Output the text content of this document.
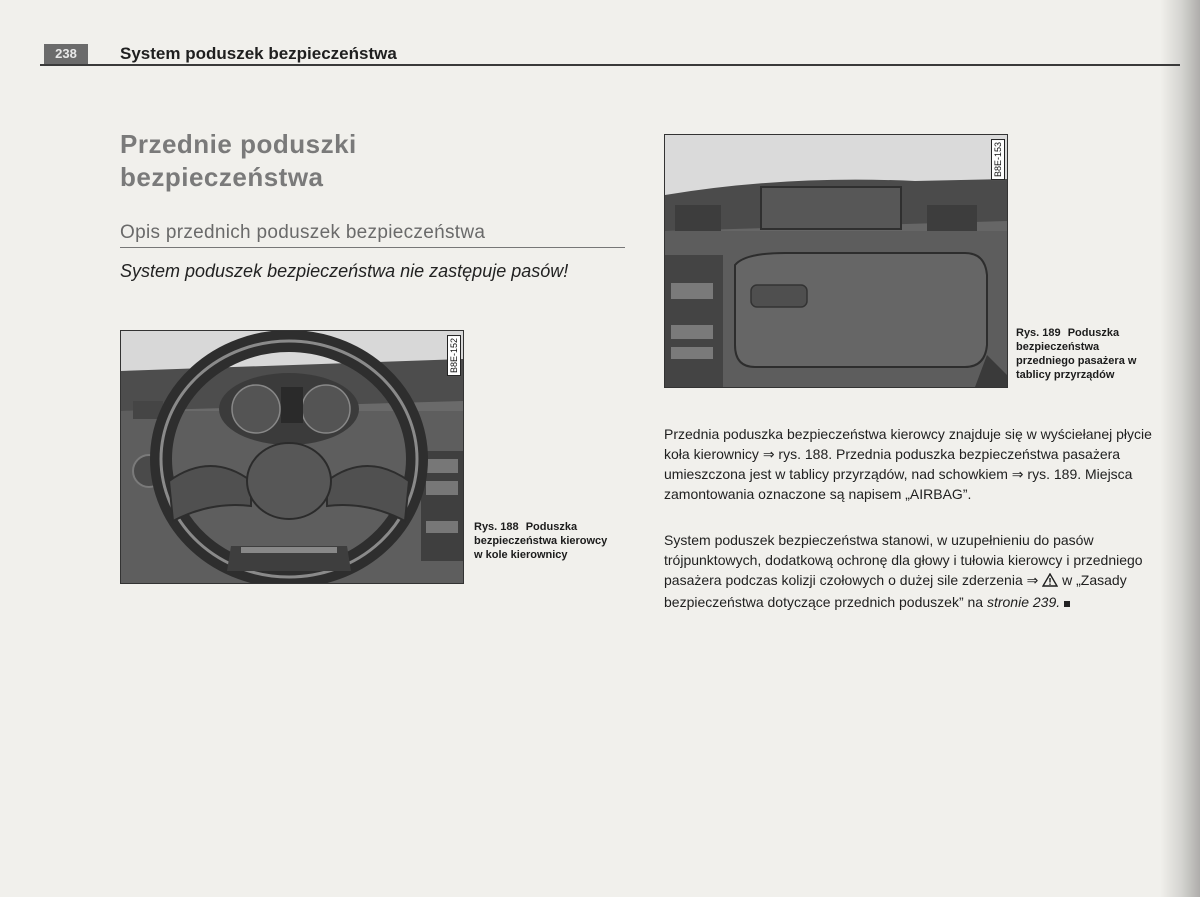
238	System poduszek bezpieczeństwa
Przednie poduszki bezpieczeństwa
Opis przednich poduszek bezpieczeństwa
System poduszek bezpieczeństwa nie zastępuje pasów!
B8E-152
Rys. 188 Poduszka bezpieczeństwa kierowcy w kole kierownicy
B8E-153
Rys. 189 Poduszka bezpieczeństwa przedniego pasażera w tablicy przyrządów
Przednia poduszka bezpieczeństwa kierowcy znajduje się w wyściełanej płycie koła kierownicy ⇒ rys. 188. Przednia poduszka bezpieczeństwa pasażera umieszczona jest w tablicy przyrządów, nad schowkiem ⇒ rys. 189. Miejsca zamontowania oznaczone są napisem „AIRBAG”.
System poduszek bezpieczeństwa stanowi, w uzupełnieniu do pasów trójpunktowych, dodatkową ochronę dla głowy i tułowia kierowcy i przedniego pasażera podczas kolizji czołowych o dużej sile zderzenia ⇒  w „Zasady bezpieczeństwa dotyczące przednich poduszek” na stronie 239.
